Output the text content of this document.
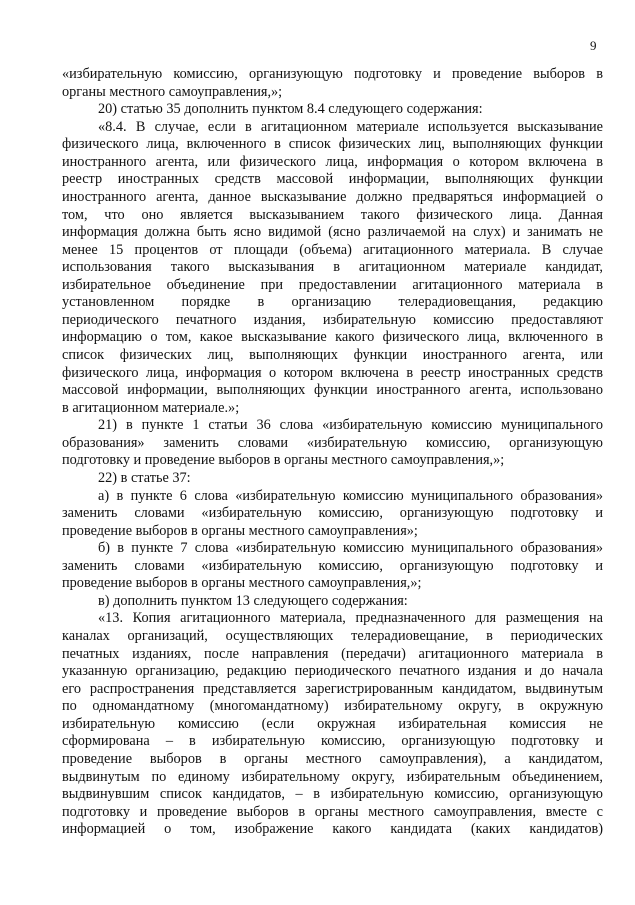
9
«избирательную комиссию, организующую подготовку и проведение выборов в
органы местного самоуправления,»;
20) статью 35 дополнить пунктом 8.4 следующего содержания:
«8.4. В случае, если в агитационном материале используется высказывание
физического лица, включенного в список физических лиц, выполняющих функции
иностранного агента, или физического лица, информация о котором включена в
реестр иностранных средств массовой информации, выполняющих функции
иностранного агента, данное высказывание должно предваряться информацией о
том, что оно является высказыванием такого физического лица. Данная
информация должна быть ясно видимой (ясно различаемой на слух) и занимать не
менее 15 процентов от площади (объема) агитационного материала. В случае
использования такого высказывания в агитационном материале кандидат,
избирательное объединение при предоставлении агитационного материала в
установленном порядке в организацию телерадиовещания, редакцию
периодического печатного издания, избирательную комиссию предоставляют
информацию о том, какое высказывание какого физического лица, включенного в
список физических лиц, выполняющих функции иностранного агента, или
физического лица, информация о котором включена в реестр иностранных средств
массовой информации, выполняющих функции иностранного агента, использовано
в агитационном материале.»;
21) в пункте 1 статьи 36 слова «избирательную комиссию муниципального
образования» заменить словами «избирательную комиссию, организующую
подготовку и проведение выборов в органы местного самоуправления,»;
22) в статье 37:
а) в пункте 6 слова «избирательную комиссию муниципального образования»
заменить словами «избирательную комиссию, организующую подготовку и
проведение выборов в органы местного самоуправления»;
б) в пункте 7 слова «избирательную комиссию муниципального образования»
заменить словами «избирательную комиссию, организующую подготовку и
проведение выборов в органы местного самоуправления,»;
в) дополнить пунктом 13 следующего содержания:
«13. Копия агитационного материала, предназначенного для размещения на
каналах организаций, осуществляющих телерадиовещание, в периодических
печатных изданиях, после направления (передачи) агитационного материала в
указанную организацию, редакцию периодического печатного издания и до начала
его распространения представляется зарегистрированным кандидатом, выдвинутым
по одномандатному (многомандатному) избирательному округу, в окружную
избирательную комиссию (если окружная избирательная комиссия не
сформирована – в избирательную комиссию, организующую подготовку и
проведение выборов в органы местного самоуправления), а кандидатом,
выдвинутым по единому избирательному округу, избирательным объединением,
выдвинувшим список кандидатов, – в избирательную комиссию, организующую
подготовку и проведение выборов в органы местного самоуправления, вместе с
информацией о том, изображение какого кандидата (каких кандидатов)
